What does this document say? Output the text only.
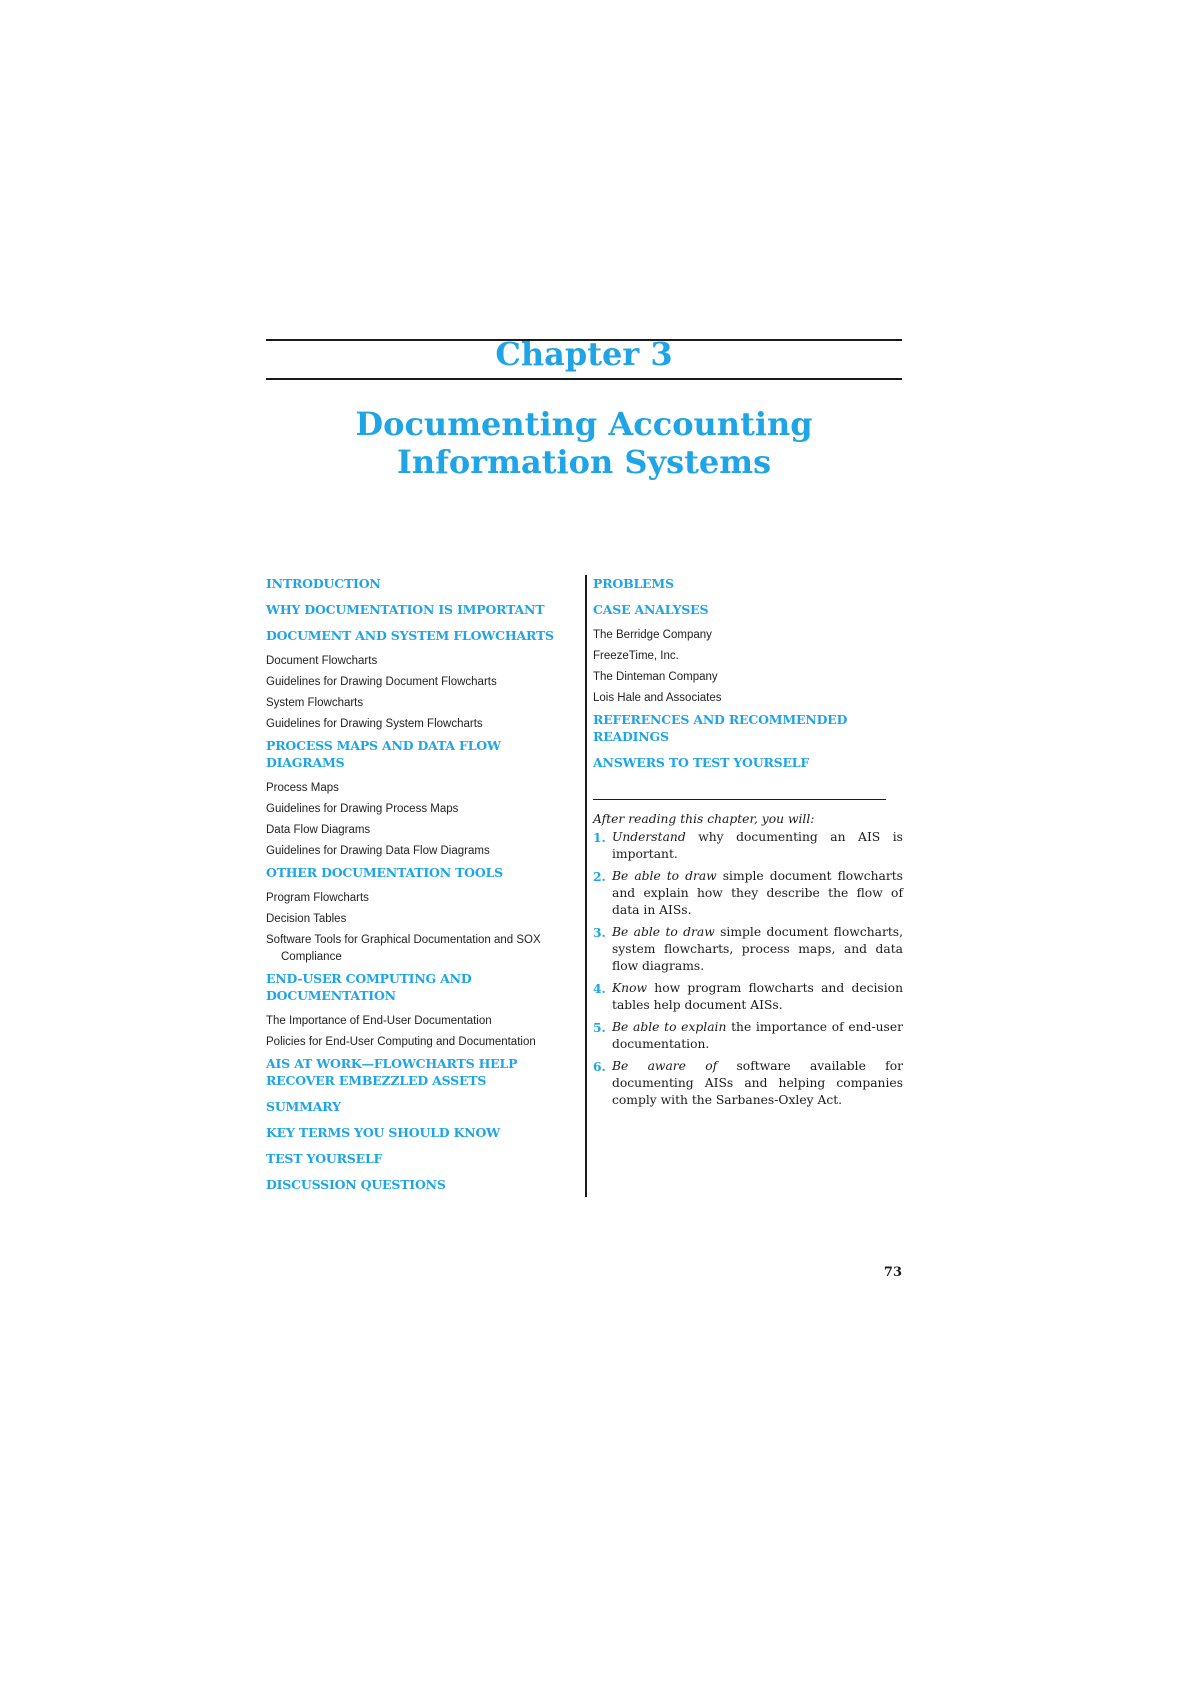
Chapter 3
Documenting Accounting
Information Systems
INTRODUCTION
WHY DOCUMENTATION IS IMPORTANT
DOCUMENT AND SYSTEM FLOWCHARTS
Document Flowcharts
Guidelines for Drawing Document Flowcharts
System Flowcharts
Guidelines for Drawing System Flowcharts
PROCESS MAPS AND DATA FLOW DIAGRAMS
Process Maps
Guidelines for Drawing Process Maps
Data Flow Diagrams
Guidelines for Drawing Data Flow Diagrams
OTHER DOCUMENTATION TOOLS
Program Flowcharts
Decision Tables
Software Tools for Graphical Documentation and SOX Compliance
END-USER COMPUTING AND DOCUMENTATION
The Importance of End-User Documentation
Policies for End-User Computing and Documentation
AIS AT WORK—FLOWCHARTS HELP RECOVER EMBEZZLED ASSETS
SUMMARY
KEY TERMS YOU SHOULD KNOW
TEST YOURSELF
DISCUSSION QUESTIONS
PROBLEMS
CASE ANALYSES
The Berridge Company
FreezeTime, Inc.
The Dinteman Company
Lois Hale and Associates
REFERENCES AND RECOMMENDED READINGS
ANSWERS TO TEST YOURSELF
After reading this chapter, you will:
1. Understand why documenting an AIS is important.
2. Be able to draw simple document flowcharts and explain how they describe the flow of data in AISs.
3. Be able to draw simple document flowcharts, system flowcharts, process maps, and data flow diagrams.
4. Know how program flowcharts and decision tables help document AISs.
5. Be able to explain the importance of end-user documentation.
6. Be aware of software available for documenting AISs and helping companies comply with the Sarbanes-Oxley Act.
73
